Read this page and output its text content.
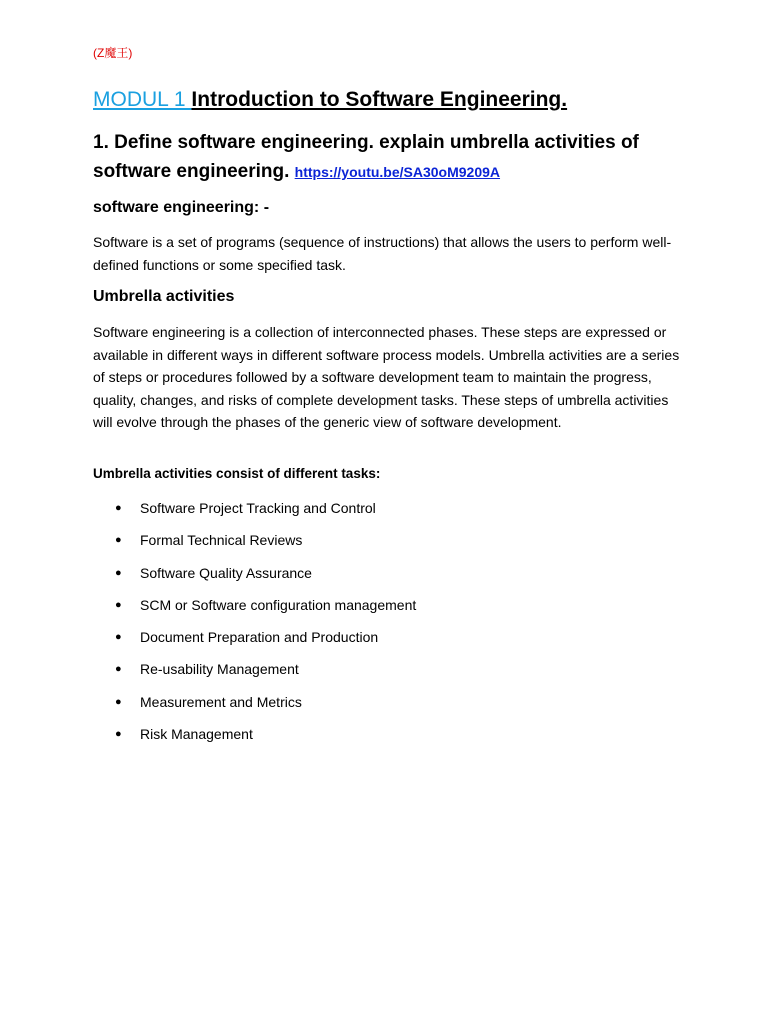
(Z魔王)
MODUL 1 Introduction to Software Engineering.
1. Define software engineering. explain umbrella activities of software engineering. https://youtu.be/SA30oM9209A
software engineering: -
Software is a set of programs (sequence of instructions) that allows the users to perform well-defined functions or some specified task.
Umbrella activities
Software engineering is a collection of interconnected phases. These steps are expressed or available in different ways in different software process models. Umbrella activities are a series of steps or procedures followed by a software development team to maintain the progress, quality, changes, and risks of complete development tasks. These steps of umbrella activities will evolve through the phases of the generic view of software development.
Umbrella activities consist of different tasks:
● Software Project Tracking and Control
● Formal Technical Reviews
● Software Quality Assurance
● SCM or Software configuration management
● Document Preparation and Production
● Re-usability Management
● Measurement and Metrics
● Risk Management
